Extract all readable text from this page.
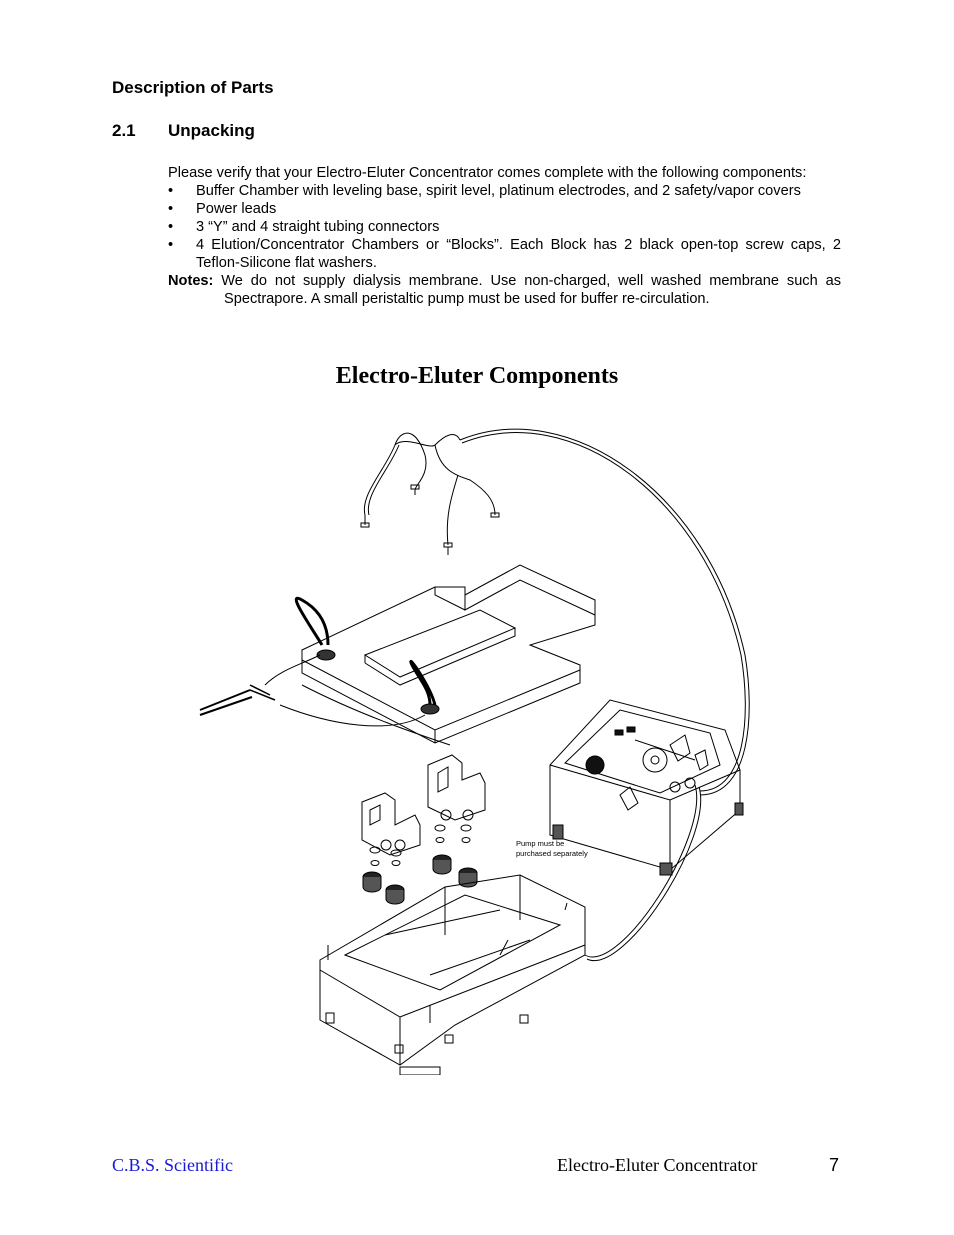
Description of Parts
2.1 Unpacking

Please verify that your Electro-Eluter Concentrator comes complete with the following components:

• Buffer Chamber with leveling base, spirit level, platinum electrodes, and 2 safety/vapor covers
• Power leads
• 3 “Y” and 4 straight tubing connectors
• 4 Elution/Concentrator Chambers or “Blocks”. Each Block has 2 black open-top screw caps, 2 Teflon-Silicone flat washers.

Notes: We do not supply dialysis membrane. Use non-charged, well washed membrane such as Spectrapore. A small peristaltic pump must be used for buffer re-circulation.

Electro-Eluter Components
Pump must be
purchased separately
C.B.S. Scientific	Electro-Eluter Concentrator	7
